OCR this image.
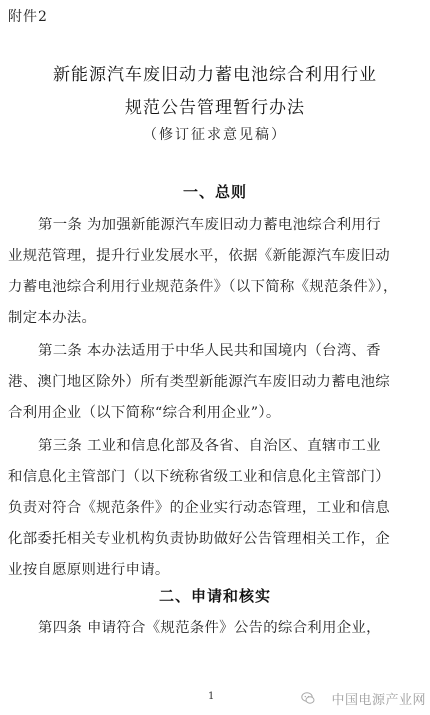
附件2
新能源汽车废旧动力蓄电池综合利用行业
规范公告管理暂行办法
（修订征求意见稿）
一、总则
第一条 为加强新能源汽车废旧动力蓄电池综合利用行
业规范管理，提升行业发展水平，依据《新能源汽车废旧动
力蓄电池综合利用行业规范条件》（以下简称《规范条件》），
制定本办法。
第二条 本办法适用于中华人民共和国境内（台湾、香
港、澳门地区除外）所有类型新能源汽车废旧动力蓄电池综
合利用企业（以下简称“综合利用企业”）。
第三条 工业和信息化部及各省、自治区、直辖市工业
和信息化主管部门（以下统称省级工业和信息化主管部门）
负责对符合《规范条件》的企业实行动态管理，工业和信息
化部委托相关专业机构负责协助做好公告管理相关工作，企
业按自愿原则进行申请。
二、申请和核实
第四条 申请符合《规范条件》公告的综合利用企业，
1	中国电源产业网
